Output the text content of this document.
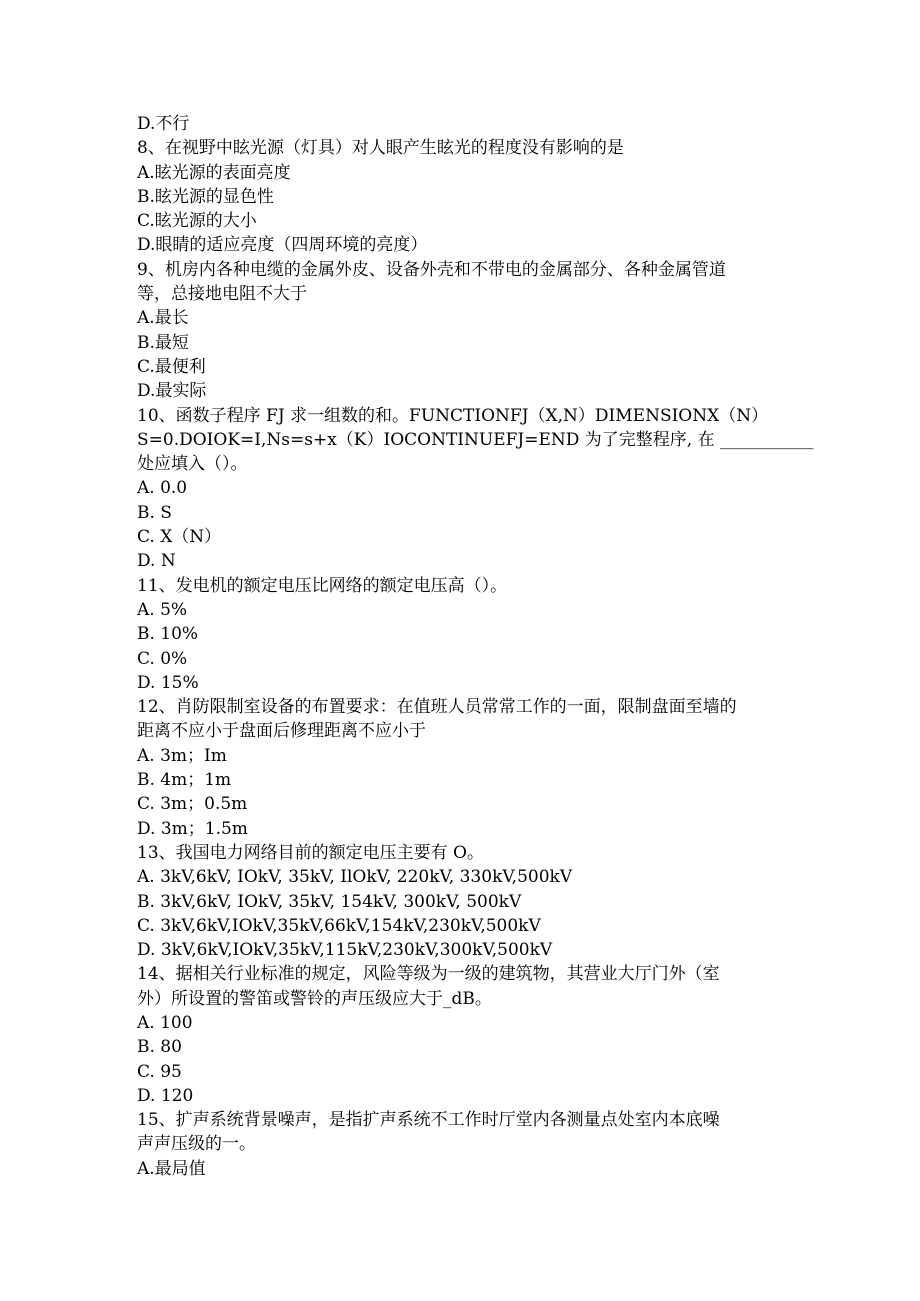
D.不行
8、在视野中眩光源（灯具）对人眼产生眩光的程度没有影响的是
A.眩光源的表面亮度
B.眩光源的显色性
C.眩光源的大小
D.眼睛的适应亮度（四周环境的亮度）
9、机房内各种电缆的金属外皮、设备外壳和不带电的金属部分、各种金属管道
等，总接地电阻不大于
A.最长
B.最短
C.最便利
D.最实际
10、函数子程序 FJ 求一组数的和。FUNCTIONFJ（X,N）DIMENSIONX（N）
S=0.DOIOK=I,Ns=s+x（K）IOCONTINUEFJ=END 为了完整程序, 在 ___________
处应填入（）。
A. 0.0
B. S
C. X（N）
D. N
11、发电机的额定电压比网络的额定电压高（）。
A. 5%
B. 10%
C. 0%
D. 15%
12、肖防限制室设备的布置要求：在值班人员常常工作的一面，限制盘面至墙的
距离不应小于盘面后修理距离不应小于
A. 3m；Im
B. 4m；1m
C. 3m；0.5m
D. 3m；1.5m
13、我国电力网络目前的额定电压主要有 O。
A. 3kV,6kV, IOkV, 35kV, IlOkV, 220kV, 330kV,500kV
B. 3kV,6kV, IOkV, 35kV, 154kV, 300kV, 500kV
C. 3kV,6kV,IOkV,35kV,66kV,154kV,230kV,500kV
D. 3kV,6kV,IOkV,35kV,115kV,230kV,300kV,500kV
14、据相关行业标准的规定，风险等级为一级的建筑物，其营业大厅门外（室
外）所设置的警笛或警铃的声压级应大于_dB。
A. 100
B. 80
C. 95
D. 120
15、扩声系统背景噪声，是指扩声系统不工作时厅堂内各测量点处室内本底噪
声声压级的一。
A.最局值
